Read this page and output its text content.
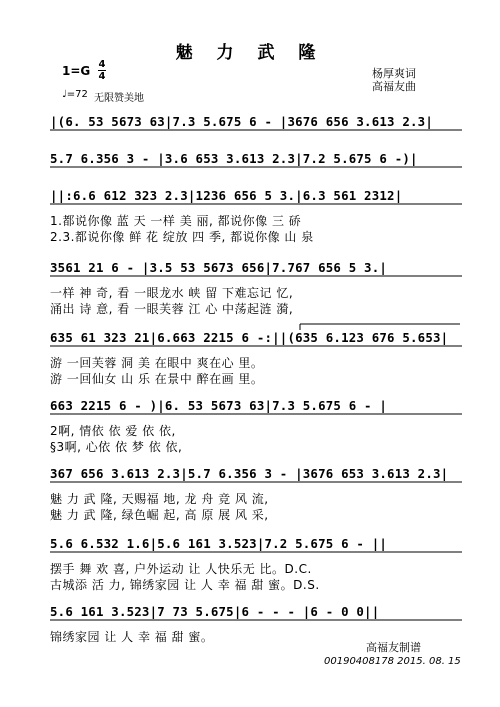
魅 力 武 隆
1=G 4
4
♩=72 无限赞美地
杨厚爽词
高福友曲
|(6. 53 5673 63|7.3 5.675 6 - |3676 656 3.613 2.3|
5.7 6.356 3 - |3.6 653 3.613 2.3|7.2 5.675 6 -)|
||:6.6 612 323 2.3|1236 656 5 3.|6.3 561 2312|
1.都说你像 蓝 天 一样 美 丽, 都说你像 三 硚
2.3.都说你像 鲜 花 绽放 四 季, 都说你像 山 泉
3561 21 6 - |3.5 53 5673 656|7.767 656 5 3.|
一样 神 奇, 看 一眼龙水 峡 留 下难忘记 忆,
涌出 诗 意, 看 一眼芙蓉 江 心 中荡起涟 漪,
635 61 323 21|6.663 2215 6 -:||(635 6.123 676 5.653|
游 一回芙蓉 洞 美 在眼中 爽在心 里。
游 一回仙女 山 乐 在景中 醉在画 里。
663 2215 6 - )|6. 53 5673 63|7.3 5.675 6 - |
2啊, 情依 依 爱 依 依,
§3啊, 心依 依 梦 依 依,
367 656 3.613 2.3|5.7 6.356 3 - |3676 653 3.613 2.3|
魅 力 武 隆, 天赐福 地, 龙 舟 竞 风 流,
魅 力 武 隆, 绿色崛 起, 高 原 展 风 采,
5.6 6.532 1.6|5.6 161 3.523|7.2 5.675 6 - ||
摆手 舞 欢 喜, 户外运动 让 人快乐无 比。D.C.
古城添 活 力, 锦绣家园 让 人 幸 福 甜 蜜。D.S.
5.6 161 3.523|7 73 5.675|6 - - - |6 - 0 0||
锦绣家园 让 人 幸 福 甜 蜜。
高福友制谱
00190408178 2015. 08. 15
